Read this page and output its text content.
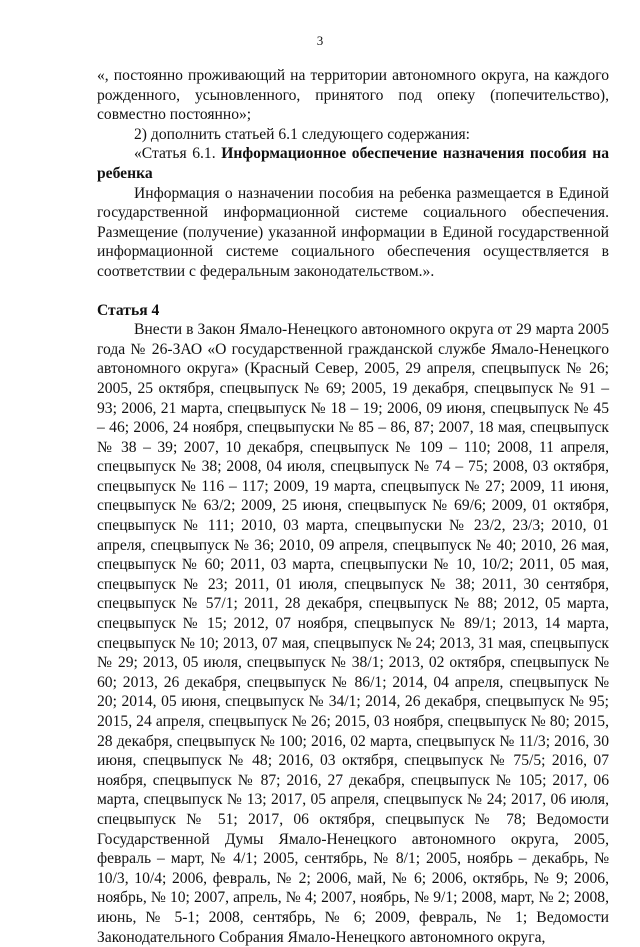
3

«, постоянно проживающий на территории автономного округа, на каждого рожденного, усыновленного, принятого под опеку (попечительство), совместно постоянно»;

2) дополнить статьей 6.1 следующего содержания:

«Статья 6.1. Информационное обеспечение назначения пособия на ребенка

Информация о назначении пособия на ребенка размещается в Единой государственной информационной системе социального обеспечения. Размещение (получение) указанной информации в Единой государственной информационной системе социального обеспечения осуществляется в соответствии с федеральным законодательством.».

Статья 4

Внести в Закон Ямало-Ненецкого автономного округа от 29 марта 2005 года № 26-ЗАО «О государственной гражданской службе Ямало-Ненецкого автономного округа» (Красный Север, 2005, 29 апреля, спецвыпуск № 26; 2005, 25 октября, спецвыпуск № 69; 2005, 19 декабря, спецвыпуск № 91 – 93; 2006, 21 марта, спецвыпуск № 18 – 19; 2006, 09 июня, спецвыпуск № 45 – 46; 2006, 24 ноября, спецвыпуски № 85 – 86, 87; 2007, 18 мая, спецвыпуск № 38 – 39; 2007, 10 декабря, спецвыпуск № 109 – 110; 2008, 11 апреля, спецвыпуск № 38; 2008, 04 июля, спецвыпуск № 74 – 75; 2008, 03 октября, спецвыпуск № 116 – 117; 2009, 19 марта, спецвыпуск № 27; 2009, 11 июня, спецвыпуск № 63/2; 2009, 25 июня, спецвыпуск № 69/6; 2009, 01 октября, спецвыпуск № 111; 2010, 03 марта, спецвыпуски № 23/2, 23/3; 2010, 01 апреля, спецвыпуск № 36; 2010, 09 апреля, спецвыпуск № 40; 2010, 26 мая, спецвыпуск № 60; 2011, 03 марта, спецвыпуски № 10, 10/2; 2011, 05 мая, спецвыпуск № 23; 2011, 01 июля, спецвыпуск № 38; 2011, 30 сентября, спецвыпуск № 57/1; 2011, 28 декабря, спецвыпуск № 88; 2012, 05 марта, спецвыпуск № 15; 2012, 07 ноября, спецвыпуск № 89/1; 2013, 14 марта, спецвыпуск № 10; 2013, 07 мая, спецвыпуск № 24; 2013, 31 мая, спецвыпуск № 29; 2013, 05 июля, спецвыпуск № 38/1; 2013, 02 октября, спецвыпуск № 60; 2013, 26 декабря, спецвыпуск № 86/1; 2014, 04 апреля, спецвыпуск № 20; 2014, 05 июня, спецвыпуск № 34/1; 2014, 26 декабря, спецвыпуск № 95; 2015, 24 апреля, спецвыпуск № 26; 2015, 03 ноября, спецвыпуск № 80; 2015, 28 декабря, спецвыпуск № 100; 2016, 02 марта, спецвыпуск № 11/3; 2016, 30 июня, спецвыпуск № 48; 2016, 03 октября, спецвыпуск № 75/5; 2016, 07 ноября, спецвыпуск № 87; 2016, 27 декабря, спецвыпуск № 105; 2017, 06 марта, спецвыпуск № 13; 2017, 05 апреля, спецвыпуск № 24; 2017, 06 июля, спецвыпуск № 51; 2017, 06 октября, спецвыпуск № 78; Ведомости Государственной Думы Ямало-Ненецкого автономного округа, 2005, февраль – март, № 4/1; 2005, сентябрь, № 8/1; 2005, ноябрь – декабрь, № 10/3, 10/4; 2006, февраль, № 2; 2006, май, № 6; 2006, октябрь, № 9; 2006, ноябрь, № 10; 2007, апрель, № 4; 2007, ноябрь, № 9/1; 2008, март, № 2; 2008, июнь, № 5-1; 2008, сентябрь, № 6; 2009, февраль, № 1; Ведомости Законодательного Собрания Ямало-Ненецкого автономного округа,
